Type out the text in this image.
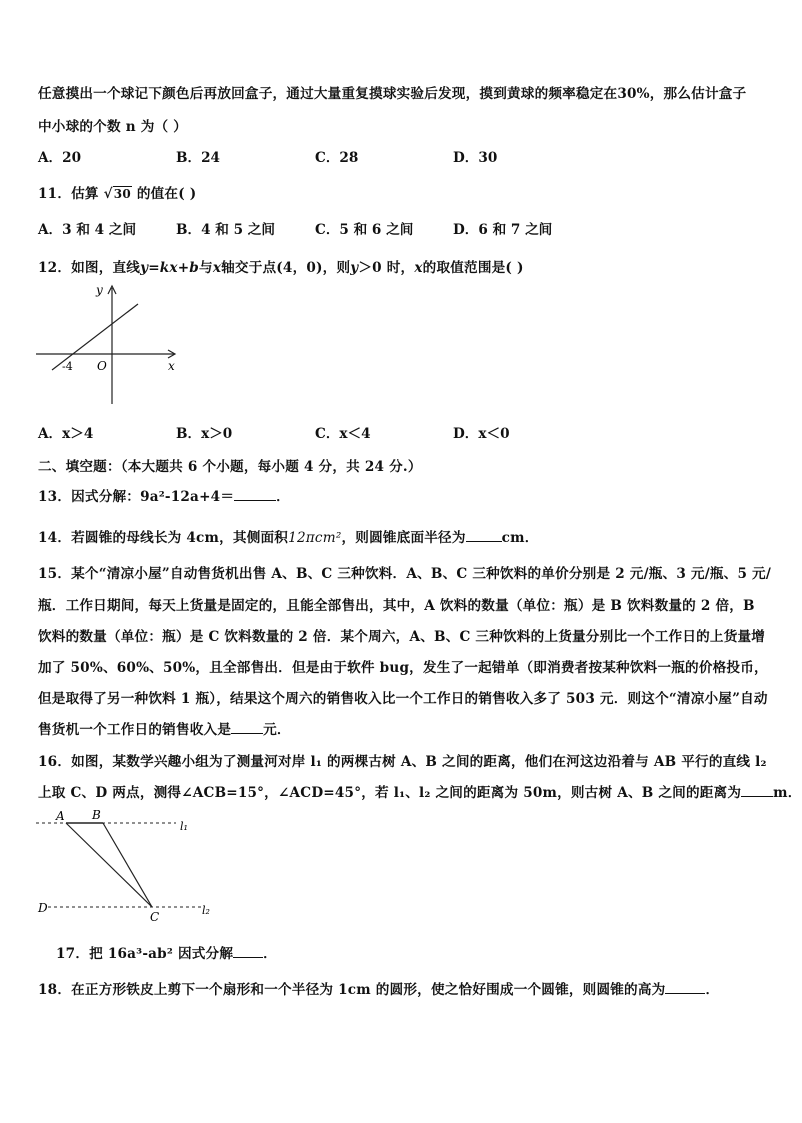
任意摸出一个球记下颜色后再放回盒子，通过大量重复摸球实验后发现，摸到黄球的频率稳定在30%，那么估计盒子
中小球的个数 n 为（ ）
A．20	B．24	C．28	D．30
11．估算 √30 的值在( )
A．3 和 4 之间	B．4 和 5 之间	C．5 和 6 之间	D．6 和 7 之间
12．如图，直线y=kx+b与x轴交于点(4，0)，则y＞0 时，x的取值范围是( )
y
x
O
-4
A．x＞4	B．x＞0	C．x＜4	D．x＜0
二、填空题：（本大题共 6 个小题，每小题 4 分，共 24 分.）
13．因式分解：9a²-12a+4＝	．
14．若圆锥的母线长为 4cm，其侧面积12πcm²，则圆锥底面半径为	cm．
15．某个“清凉小屋”自动售货机出售 A、B、C 三种饮料．A、B、C 三种饮料的单价分别是 2 元/瓶、3 元/瓶、5 元/
瓶．工作日期间，每天上货量是固定的，且能全部售出，其中，A 饮料的数量（单位：瓶）是 B 饮料数量的 2 倍，B
饮料的数量（单位：瓶）是 C 饮料数量的 2 倍．某个周六，A、B、C 三种饮料的上货量分别比一个工作日的上货量增
加了 50%、60%、50%，且全部售出．但是由于软件 bug，发生了一起错单（即消费者按某种饮料一瓶的价格投币，
但是取得了另一种饮料 1 瓶），结果这个周六的销售收入比一个工作日的销售收入多了 503 元．则这个“清凉小屋”自动
售货机一个工作日的销售收入是 元．
16．如图，某数学兴趣小组为了测量河对岸 l₁ 的两棵古树 A、B 之间的距离，他们在河这边沿着与 AB 平行的直线 l₂
上取 C、D 两点，测得∠ACB=15°，∠ACD=45°，若 l₁、l₂ 之间的距离为 50m，则古树 A、B 之间的距离为 m．
A B
C
D
l₁
l₂
17．把 16a³-ab² 因式分解 ．
18．在正方形铁皮上剪下一个扇形和一个半径为 1cm 的圆形，使之恰好围成一个圆锥，则圆锥的高为	．
